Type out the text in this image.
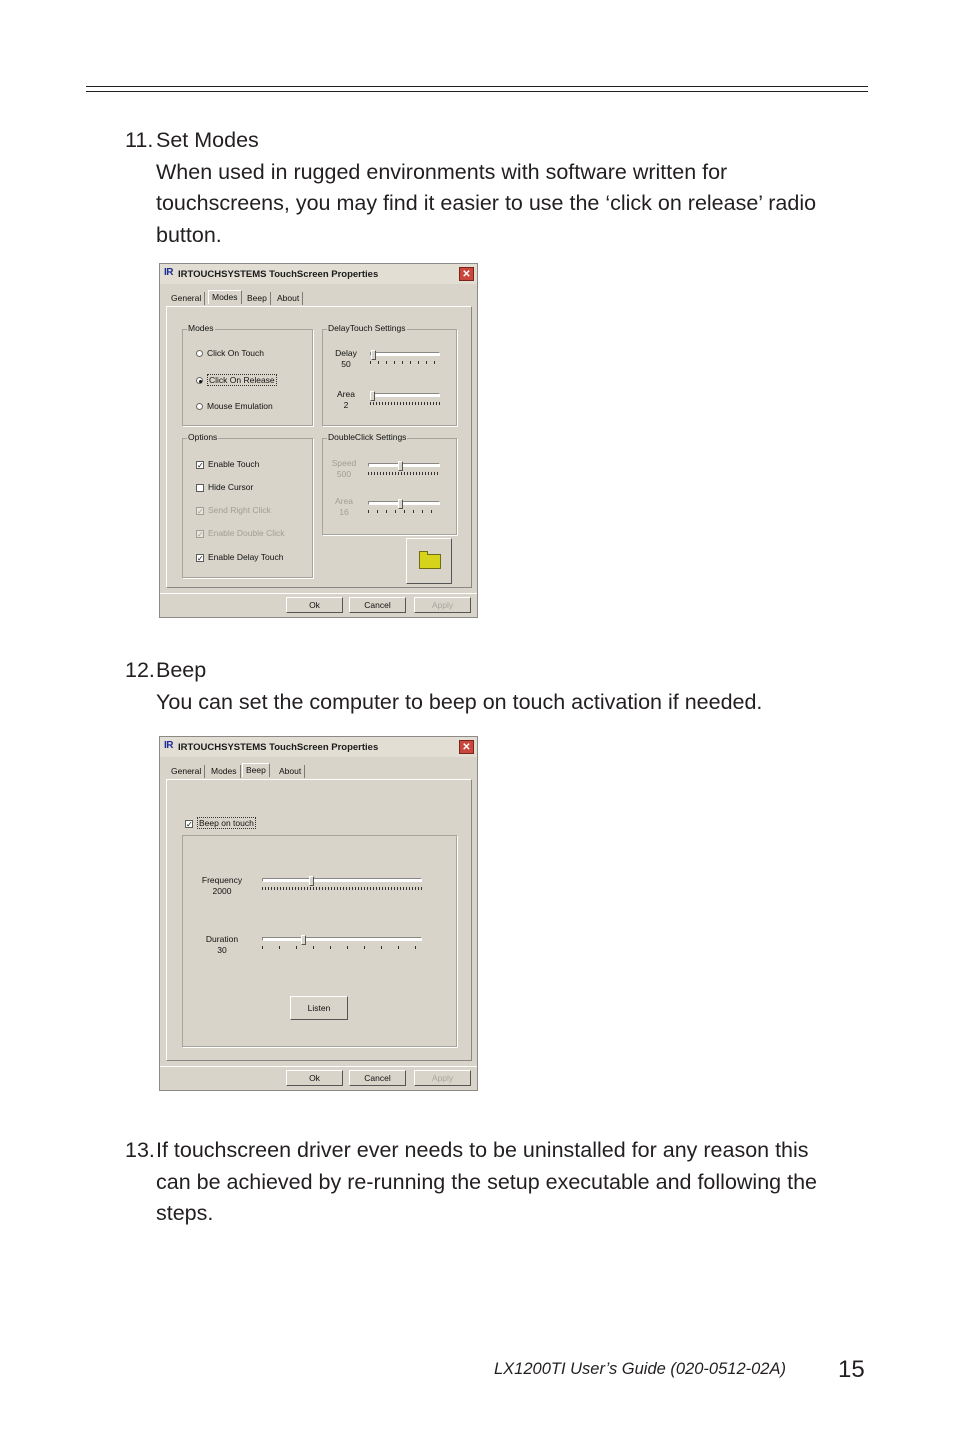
11. Set Modes
When used in rugged environments with software written for touchscreens, you may find it easier to use the ‘click on release’ radio button.
IR IRTOUCHSYSTEMS TouchScreen Properties	✕
General	Modes	Beep	About
Modes
Click On Touch
Click On Release
Mouse Emulation
DelayTouch Settings
Delay
50
Area
2
Options
✓ Enable Touch
Hide Cursor
✓ Send Right Click
✓ Enable Double Click
✓ Enable Delay Touch
DoubleClick Settings
Speed
500
Area
16
Ok	Cancel	Apply
12. Beep
You can set the computer to beep on touch activation if needed.
IR IRTOUCHSYSTEMS TouchScreen Properties	✕
General	Modes	Beep	About
✓ Beep on touch
Frequency
2000
Duration
30
Listen
Ok	Cancel	Apply
13. If touchscreen driver ever needs to be uninstalled for any reason this can be achieved by re-running the setup executable and following the steps.
LX1200TI User’s Guide (020-0512-02A) 15
